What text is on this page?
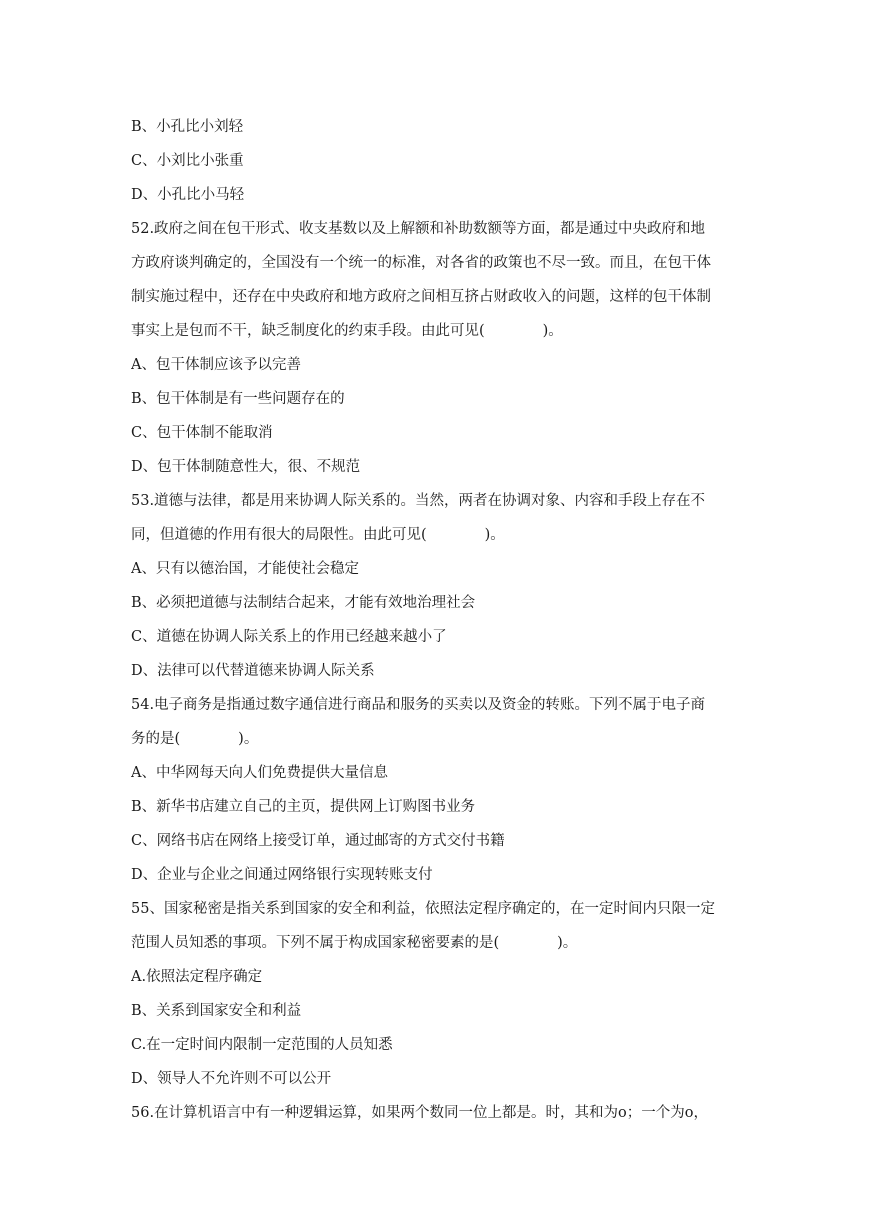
B、小孔比小刘轻
C、小刘比小张重
D、小孔比小马轻
52.政府之间在包干形式、收支基数以及上解额和补助数额等方面，都是通过中央政府和地
方政府谈判确定的，全国没有一个统一的标准，对各省的政策也不尽一致。而且，在包干体
制实施过程中，还存在中央政府和地方政府之间相互挤占财政收入的问题，这样的包干体制
事实上是包而不干，缺乏制度化的约束手段。由此可见(　　　　)。
A、包干体制应该予以完善
B、包干体制是有一些问题存在的
C、包干体制不能取消
D、包干体制随意性大，很、不规范
53.道德与法律，都是用来协调人际关系的。当然，两者在协调对象、内容和手段上存在不
同，但道德的作用有很大的局限性。由此可见(　　　　)。
A、只有以德治国，才能使社会稳定
B、必须把道德与法制结合起来，才能有效地治理社会
C、道德在协调人际关系上的作用已经越来越小了
D、法律可以代替道德来协调人际关系
54.电子商务是指通过数字通信进行商品和服务的买卖以及资金的转账。下列不属于电子商
务的是(　　　　)。
A、中华网每天向人们免费提供大量信息
B、新华书店建立自己的主页，提供网上订购图书业务
C、网络书店在网络上接受订单，通过邮寄的方式交付书籍
D、企业与企业之间通过网络银行实现转账支付
55、国家秘密是指关系到国家的安全和利益，依照法定程序确定的，在一定时间内只限一定
范围人员知悉的事项。下列不属于构成国家秘密要素的是(　　　　)。
A.依照法定程序确定
B、关系到国家安全和利益
C.在一定时间内限制一定范围的人员知悉
D、领导人不允许则不可以公开
56.在计算机语言中有一种逻辑运算，如果两个数同一位上都是。时，其和为o；一个为o，
